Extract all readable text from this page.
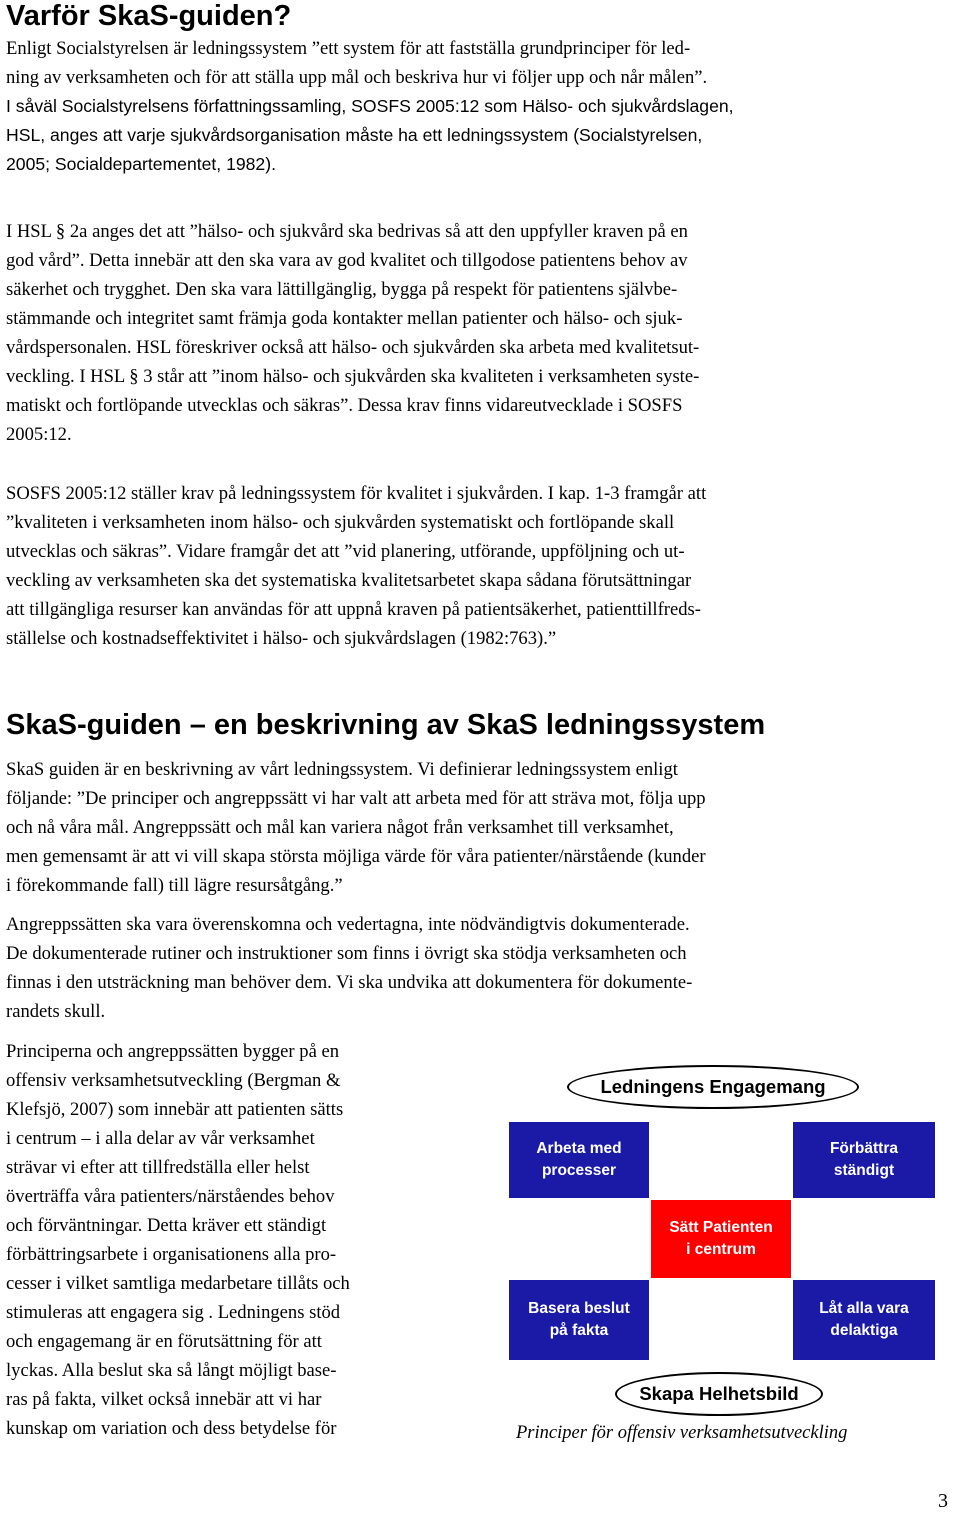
Varför SkaS-guiden?
Enligt Socialstyrelsen är ledningssystem ”ett system för att fastställa grundprinciper för led-
ning av verksamheten och för att ställa upp mål och beskriva hur vi följer upp och når målen”.
I såväl Socialstyrelsens författningssamling, SOSFS 2005:12 som Hälso- och sjukvårdslagen,
HSL, anges att varje sjukvårdsorganisation måste ha ett ledningssystem (Socialstyrelsen,
2005; Socialdepartementet, 1982).
I HSL § 2a anges det att ”hälso- och sjukvård ska bedrivas så att den uppfyller kraven på en
god vård”. Detta innebär att den ska vara av god kvalitet och tillgodose patientens behov av
säkerhet och trygghet. Den ska vara lättillgänglig, bygga på respekt för patientens självbe-
stämmande och integritet samt främja goda kontakter mellan patienter och hälso- och sjuk-
vårdspersonalen. HSL föreskriver också att hälso- och sjukvården ska arbeta med kvalitetsut-
veckling. I HSL § 3 står att ”inom hälso- och sjukvården ska kvaliteten i verksamheten syste-
matiskt och fortlöpande utvecklas och säkras”. Dessa krav finns vidareutvecklade i SOSFS
2005:12.
SOSFS 2005:12 ställer krav på ledningssystem för kvalitet i sjukvården. I kap. 1-3 framgår att
”kvaliteten i verksamheten inom hälso- och sjukvården systematiskt och fortlöpande skall
utvecklas och säkras”. Vidare framgår det att ”vid planering, utförande, uppföljning och ut-
veckling av verksamheten ska det systematiska kvalitetsarbetet skapa sådana förutsättningar
att tillgängliga resurser kan användas för att uppnå kraven på patientsäkerhet, patienttillfreds-
ställelse och kostnadseffektivitet i hälso- och sjukvårdslagen (1982:763).”
SkaS-guiden – en beskrivning av SkaS ledningssystem
SkaS guiden är en beskrivning av vårt ledningssystem. Vi definierar ledningssystem enligt
följande: ”De principer och angreppssätt vi har valt att arbeta med för att sträva mot, följa upp
och nå våra mål. Angreppssätt och mål kan variera något från verksamhet till verksamhet,
men gemensamt är att vi vill skapa största möjliga värde för våra patienter/närstående (kunder
i förekommande fall) till lägre resursåtgång.”
Angreppssätten ska vara överenskomna och vedertagna, inte nödvändigtvis dokumenterade.
De dokumenterade rutiner och instruktioner som finns i övrigt ska stödja verksamheten och
finnas i den utsträckning man behöver dem. Vi ska undvika att dokumentera för dokumente-
randets skull.
Principerna och angreppssätten bygger på en
offensiv verksamhetsutveckling (Bergman &
Klefsjö, 2007) som innebär att patienten sätts
i centrum – i alla delar av vår verksamhet
strävar vi efter att tillfredställa eller helst
överträffa våra patienters/närståendes behov
och förväntningar. Detta kräver ett ständigt
förbättringsarbete i organisationens alla pro-
cesser i vilket samtliga medarbetare tillåts och
stimuleras att engagera sig . Ledningens stöd
och engagemang är en förutsättning för att
lyckas. Alla beslut ska så långt möjligt base-
ras på fakta, vilket också innebär att vi har
kunskap om variation och dess betydelse för
Ledningens Engagemang
Arbeta med
processer
Förbättra
ständigt
Sätt Patienten
i centrum
Basera beslut
på fakta
Låt alla vara
delaktiga
Skapa Helhetsbild
Principer för offensiv verksamhetsutveckling
3
